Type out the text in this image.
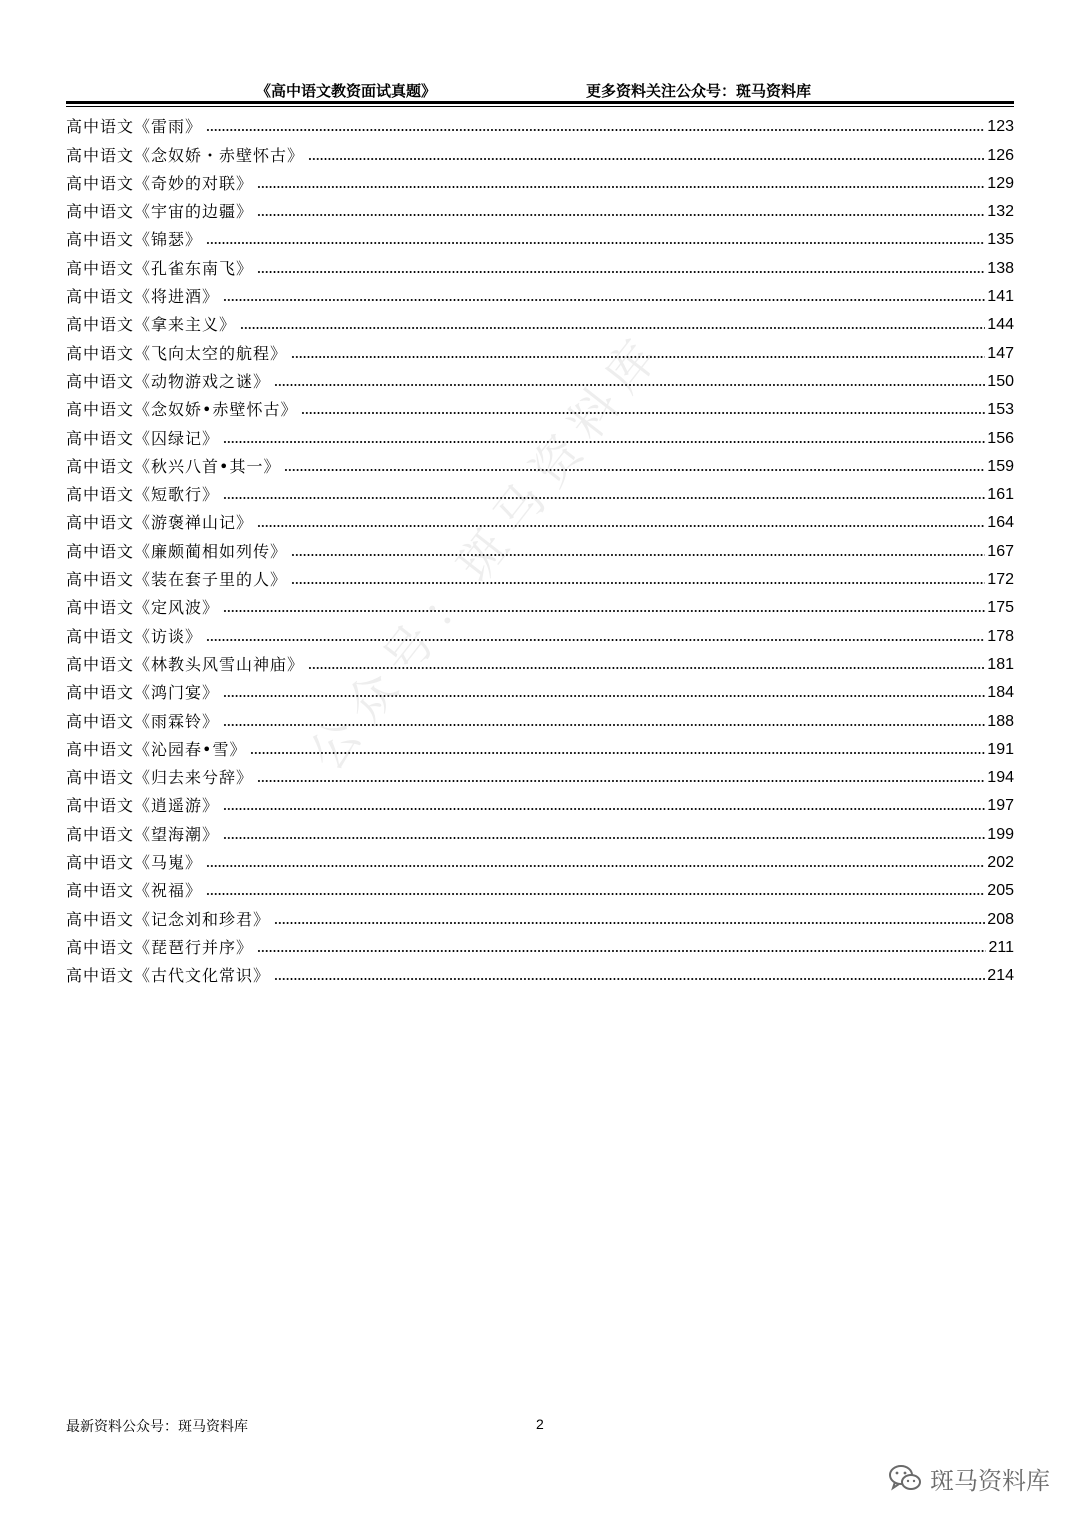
《高中语文教资面试真题》	更多资料关注公众号：斑马资料库
高中语文《雷雨》	123
高中语文《念奴娇・赤壁怀古》	126
高中语文《奇妙的对联》	129
高中语文《宇宙的边疆》	132
高中语文《锦瑟》	135
高中语文《孔雀东南飞》	138
高中语文《将进酒》	141
高中语文《拿来主义》	144
高中语文《飞向太空的航程》	147
高中语文《动物游戏之谜》	150
高中语文《念奴娇•赤壁怀古》	153
高中语文《囚绿记》	156
高中语文《秋兴八首•其一》	159
高中语文《短歌行》	161
高中语文《游褒禅山记》	164
高中语文《廉颇蔺相如列传》	167
高中语文《装在套子里的人》	172
高中语文《定风波》	175
高中语文《访谈》	178
高中语文《林教头风雪山神庙》	181
高中语文《鸿门宴》	184
高中语文《雨霖铃》	188
高中语文《沁园春•雪》	191
高中语文《归去来兮辞》	194
高中语文《逍遥游》	197
高中语文《望海潮》	199
高中语文《马嵬》	202
高中语文《祝福》	205
高中语文《记念刘和珍君》	208
高中语文《琵琶行并序》	211
高中语文《古代文化常识》	214
公众号：斑马资料库
最新资料公众号：斑马资料库	2
斑马资料库
